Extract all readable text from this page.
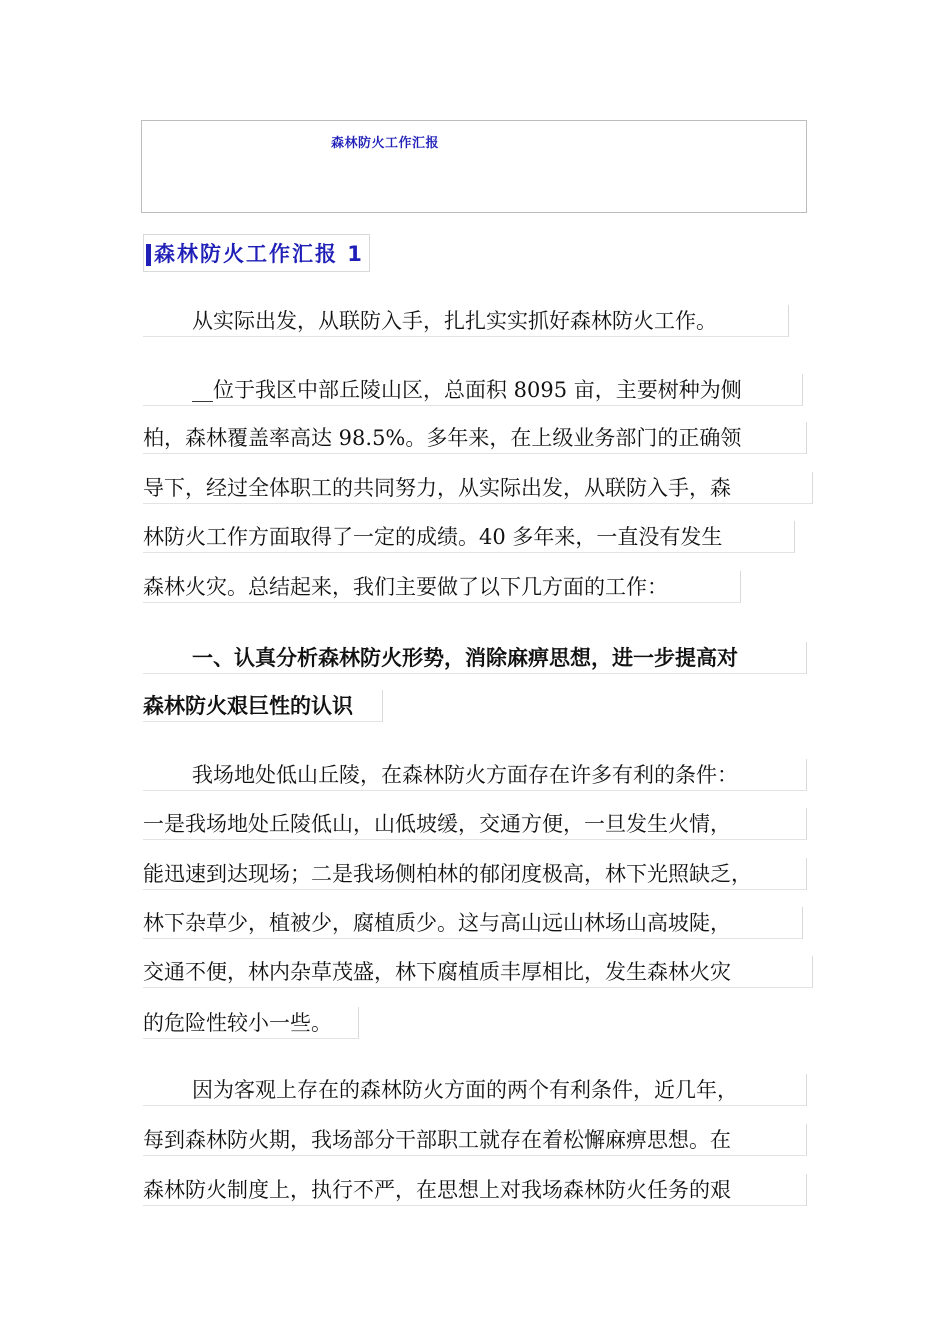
森林防火工作汇报
森林防火工作汇报 1
从实际出发，从联防入手，扎扎实实抓好森林防火工作。
__位于我区中部丘陵山区，总面积 8095 亩，主要树种为侧
柏，森林覆盖率高达 98.5%。多年来，在上级业务部门的正确领
导下，经过全体职工的共同努力，从实际出发，从联防入手，森
林防火工作方面取得了一定的成绩。40 多年来，一直没有发生
森林火灾。总结起来，我们主要做了以下几方面的工作：
一、认真分析森林防火形势，消除麻痹思想，进一步提高对
森林防火艰巨性的认识
我场地处低山丘陵，在森林防火方面存在许多有利的条件：
一是我场地处丘陵低山，山低坡缓，交通方便，一旦发生火情，
能迅速到达现场；二是我场侧柏林的郁闭度极高，林下光照缺乏，
林下杂草少，植被少，腐植质少。这与高山远山林场山高坡陡，
交通不便，林内杂草茂盛，林下腐植质丰厚相比，发生森林火灾
的危险性较小一些。
因为客观上存在的森林防火方面的两个有利条件，近几年，
每到森林防火期，我场部分干部职工就存在着松懈麻痹思想。在
森林防火制度上，执行不严，在思想上对我场森林防火任务的艰
